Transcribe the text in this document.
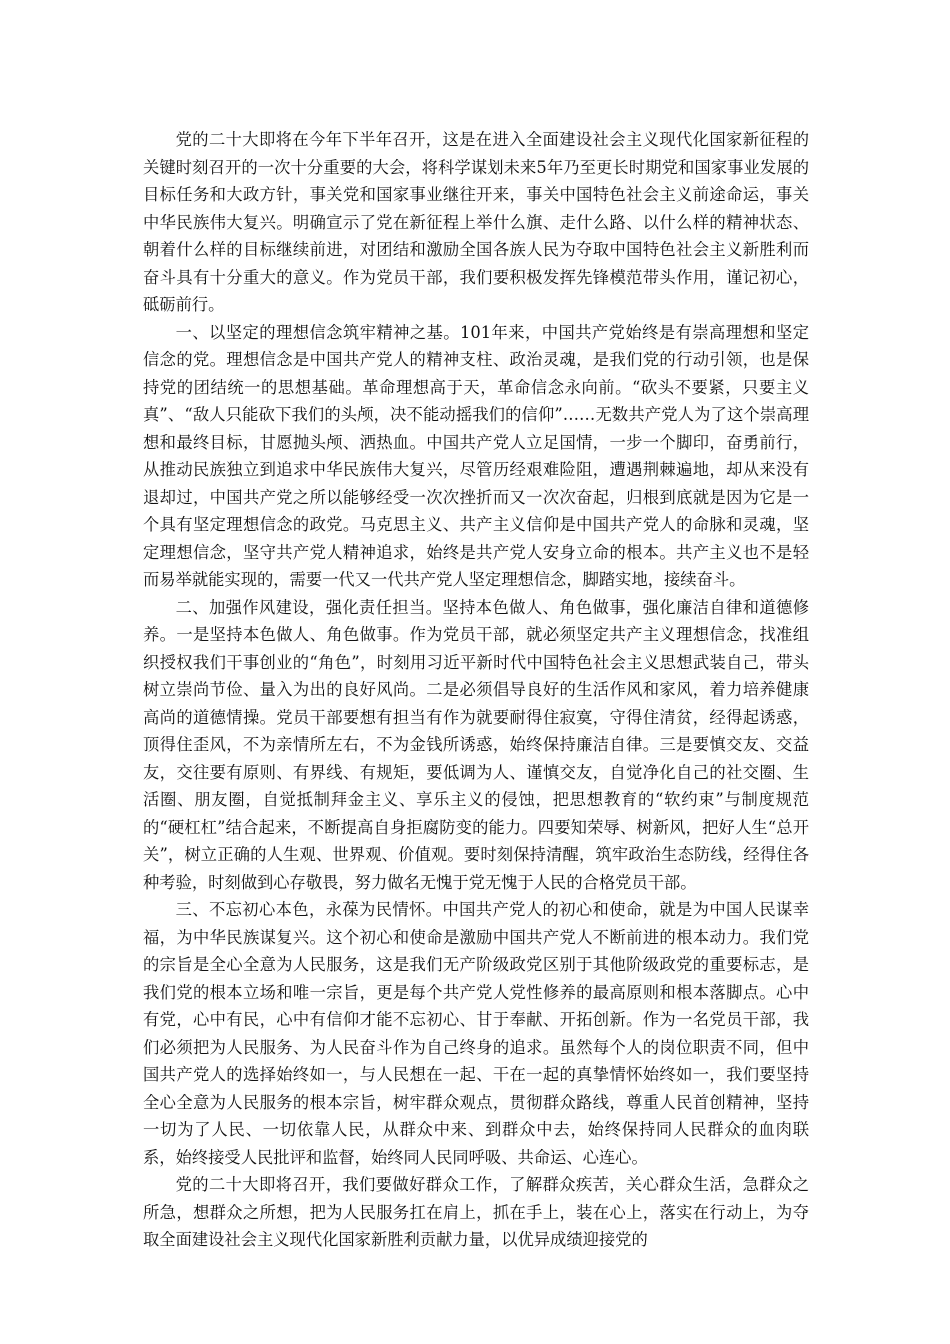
党的二十大即将在今年下半年召开，这是在进入全面建设社会主义现代化国家新征程的关键时刻召开的一次十分重要的大会，将科学谋划未来5年乃至更长时期党和国家事业发展的目标任务和大政方针，事关党和国家事业继往开来，事关中国特色社会主义前途命运，事关中华民族伟大复兴。明确宣示了党在新征程上举什么旗、走什么路、以什么样的精神状态、朝着什么样的目标继续前进，对团结和激励全国各族人民为夺取中国特色社会主义新胜利而奋斗具有十分重大的意义。作为党员干部，我们要积极发挥先锋模范带头作用，谨记初心，砥砺前行。

一、以坚定的理想信念筑牢精神之基。101年来，中国共产党始终是有崇高理想和坚定信念的党。理想信念是中国共产党人的精神支柱、政治灵魂，是我们党的行动引领，也是保持党的团结统一的思想基础。革命理想高于天，革命信念永向前。“砍头不要紧，只要主义真”、“敌人只能砍下我们的头颅，决不能动摇我们的信仰”……无数共产党人为了这个崇高理想和最终目标，甘愿抛头颅、洒热血。中国共产党人立足国情，一步一个脚印，奋勇前行，从推动民族独立到追求中华民族伟大复兴，尽管历经艰难险阻，遭遇荆棘遍地，却从来没有退却过，中国共产党之所以能够经受一次次挫折而又一次次奋起，归根到底就是因为它是一个具有坚定理想信念的政党。马克思主义、共产主义信仰是中国共产党人的命脉和灵魂，坚定理想信念，坚守共产党人精神追求，始终是共产党人安身立命的根本。共产主义也不是轻而易举就能实现的，需要一代又一代共产党人坚定理想信念，脚踏实地，接续奋斗。

二、加强作风建设，强化责任担当。坚持本色做人、角色做事，强化廉洁自律和道德修养。一是坚持本色做人、角色做事。作为党员干部，就必须坚定共产主义理想信念，找准组织授权我们干事创业的“角色”，时刻用习近平新时代中国特色社会主义思想武装自己，带头树立崇尚节俭、量入为出的良好风尚。二是必须倡导良好的生活作风和家风，着力培养健康高尚的道德情操。党员干部要想有担当有作为就要耐得住寂寞，守得住清贫，经得起诱惑，顶得住歪风，不为亲情所左右，不为金钱所诱惑，始终保持廉洁自律。三是要慎交友、交益友，交往要有原则、有界线、有规矩，要低调为人、谨慎交友，自觉净化自己的社交圈、生活圈、朋友圈，自觉抵制拜金主义、享乐主义的侵蚀，把思想教育的“软约束”与制度规范的“硬杠杠”结合起来，不断提高自身拒腐防变的能力。四要知荣辱、树新风，把好人生“总开关”，树立正确的人生观、世界观、价值观。要时刻保持清醒，筑牢政治生态防线，经得住各种考验，时刻做到心存敬畏，努力做名无愧于党无愧于人民的合格党员干部。

三、不忘初心本色，永葆为民情怀。中国共产党人的初心和使命，就是为中国人民谋幸福，为中华民族谋复兴。这个初心和使命是激励中国共产党人不断前进的根本动力。我们党的宗旨是全心全意为人民服务，这是我们无产阶级政党区别于其他阶级政党的重要标志，是我们党的根本立场和唯一宗旨，更是每个共产党人党性修养的最高原则和根本落脚点。心中有党，心中有民，心中有信仰才能不忘初心、甘于奉献、开拓创新。作为一名党员干部，我们必须把为人民服务、为人民奋斗作为自己终身的追求。虽然每个人的岗位职责不同，但中国共产党人的选择始终如一，与人民想在一起、干在一起的真挚情怀始终如一，我们要坚持全心全意为人民服务的根本宗旨，树牢群众观点，贯彻群众路线，尊重人民首创精神，坚持一切为了人民、一切依靠人民，从群众中来、到群众中去，始终保持同人民群众的血肉联系，始终接受人民批评和监督，始终同人民同呼吸、共命运、心连心。

党的二十大即将召开，我们要做好群众工作，了解群众疾苦，关心群众生活，急群众之所急，想群众之所想，把为人民服务扛在肩上，抓在手上，装在心上，落实在行动上，为夺取全面建设社会主义现代化国家新胜利贡献力量，以优异成绩迎接党的
